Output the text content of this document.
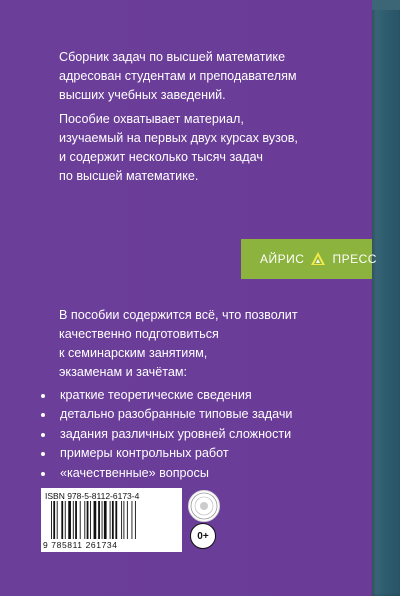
Сборник задач по высшей математике
адресован студентам и преподавателям
высших учебных заведений.
Пособие охватывает материал,
изучаемый на первых двух курсах вузов,
и содержит несколько тысяч задач
по высшей математике.
АЙРИС ПРЕСС
В пособии содержится всё, что позволит
качественно подготовиться
к семинарским занятиям,
экзаменам и зачётам:
краткие теоретические сведения
детально разобранные типовые задачи
задания различных уровней сложности
примеры контрольных работ
«качественные» вопросы
ISBN 978-5-8112-6173-4
9 785811 261734
0+
